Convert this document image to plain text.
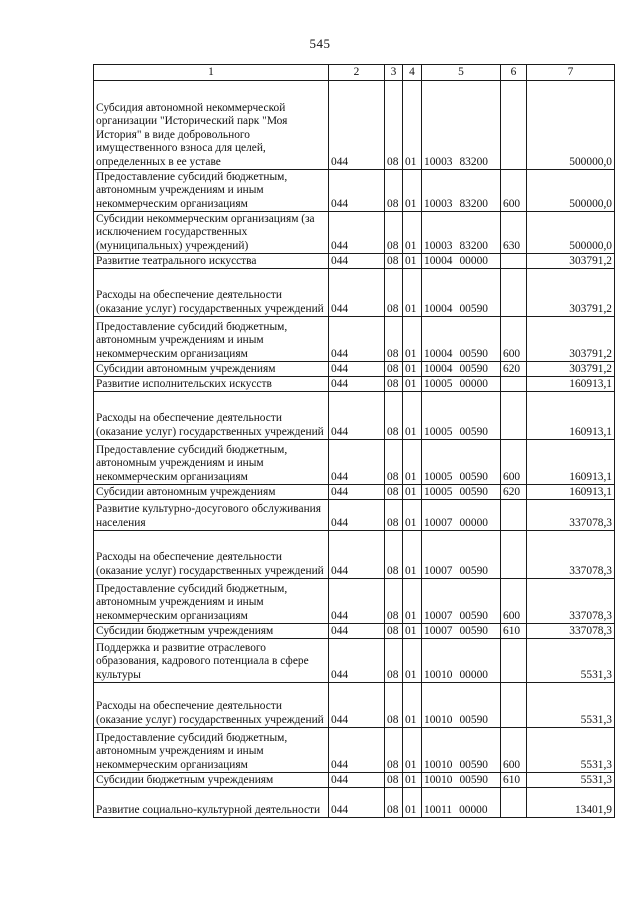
545
1	2	3	4	5	6	7
Субсидия автономной некоммерческой организации "Исторический парк "Моя История" в виде добровольного имущественного взноса для целей, определенных в ее уставе	044	08	01	10003 83200		500000,0
Предоставление субсидий бюджетным, автономным учреждениям и иным некоммерческим организациям	044	08	01	10003 83200	600	500000,0
Субсидии некоммерческим организациям (за исключением государственных (муниципальных) учреждений)	044	08	01	10003 83200	630	500000,0
Развитие театрального искусства	044	08	01	10004 00000		303791,2
Расходы на обеспечение деятельности (оказание услуг) государственных учреждений	044	08	01	10004 00590		303791,2
Предоставление субсидий бюджетным, автономным учреждениям и иным некоммерческим организациям	044	08	01	10004 00590	600	303791,2
Субсидии автономным учреждениям	044	08	01	10004 00590	620	303791,2
Развитие исполнительских искусств	044	08	01	10005 00000		160913,1
Расходы на обеспечение деятельности (оказание услуг) государственных учреждений	044	08	01	10005 00590		160913,1
Предоставление субсидий бюджетным, автономным учреждениям и иным некоммерческим организациям	044	08	01	10005 00590	600	160913,1
Субсидии автономным учреждениям	044	08	01	10005 00590	620	160913,1
Развитие культурно-досугового обслуживания населения	044	08	01	10007 00000		337078,3
Расходы на обеспечение деятельности (оказание услуг) государственных учреждений	044	08	01	10007 00590		337078,3
Предоставление субсидий бюджетным, автономным учреждениям и иным некоммерческим организациям	044	08	01	10007 00590	600	337078,3
Субсидии бюджетным учреждениям	044	08	01	10007 00590	610	337078,3
Поддержка и развитие отраслевого образования, кадрового потенциала в сфере культуры	044	08	01	10010 00000		5531,3
Расходы на обеспечение деятельности (оказание услуг) государственных учреждений	044	08	01	10010 00590		5531,3
Предоставление субсидий бюджетным, автономным учреждениям и иным некоммерческим организациям	044	08	01	10010 00590	600	5531,3
Субсидии бюджетным учреждениям	044	08	01	10010 00590	610	5531,3
Развитие социально-культурной деятельности	044	08	01	10011 00000		13401,9
